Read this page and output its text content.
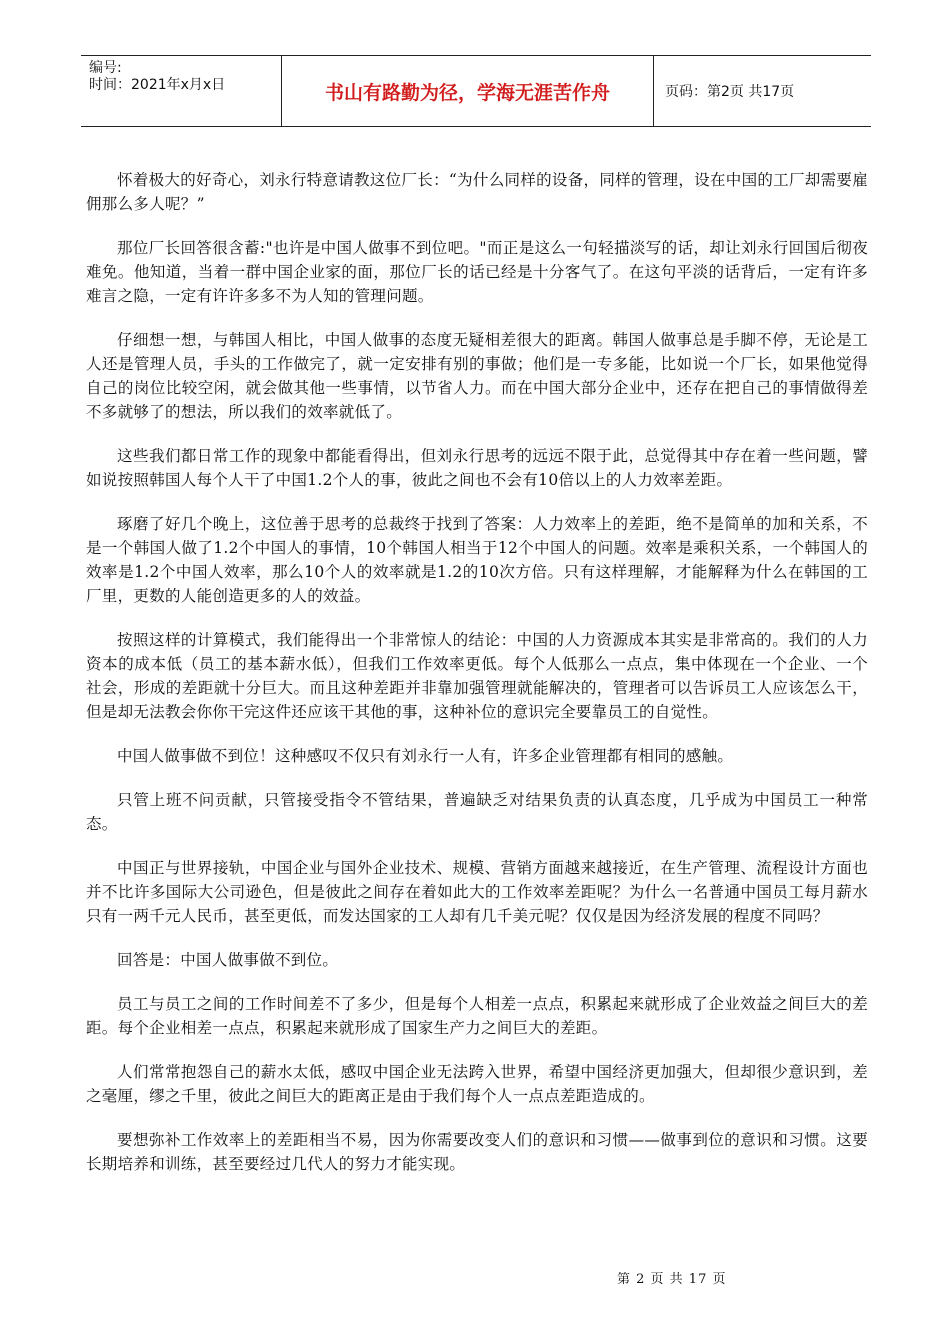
编号:
时间：2021年x月x日	书山有路勤为径，学海无涯苦作舟	页码：第2页 共17页

怀着极大的好奇心，刘永行特意请教这位厂长：“为什么同样的设备，同样的管理，设在中国的工厂却需要雇佣那么多人呢？”

那位厂长回答很含蓄:"也许是中国人做事不到位吧。"而正是这么一句轻描淡写的话，却让刘永行回国后彻夜难免。他知道，当着一群中国企业家的面，那位厂长的话已经是十分客气了。在这句平淡的话背后，一定有许多难言之隐，一定有许许多多不为人知的管理问题。

仔细想一想，与韩国人相比，中国人做事的态度无疑相差很大的距离。韩国人做事总是手脚不停，无论是工人还是管理人员，手头的工作做完了，就一定安排有别的事做；他们是一专多能，比如说一个厂长，如果他觉得自己的岗位比较空闲，就会做其他一些事情，以节省人力。而在中国大部分企业中，还存在把自己的事情做得差不多就够了的想法，所以我们的效率就低了。

这些我们都日常工作的现象中都能看得出，但刘永行思考的远远不限于此，总觉得其中存在着一些问题，譬如说按照韩国人每个人干了中国1.2个人的事，彼此之间也不会有10倍以上的人力效率差距。

琢磨了好几个晚上，这位善于思考的总裁终于找到了答案：人力效率上的差距，绝不是简单的加和关系，不是一个韩国人做了1.2个中国人的事情，10个韩国人相当于12个中国人的问题。效率是乘积关系，一个韩国人的效率是1.2个中国人效率，那么10个人的效率就是1.2的10次方倍。只有这样理解，才能解释为什么在韩国的工厂里，更数的人能创造更多的人的效益。

按照这样的计算模式，我们能得出一个非常惊人的结论：中国的人力资源成本其实是非常高的。我们的人力资本的成本低（员工的基本薪水低），但我们工作效率更低。每个人低那么一点点，集中体现在一个企业、一个社会，形成的差距就十分巨大。而且这种差距并非靠加强管理就能解决的，管理者可以告诉员工人应该怎么干，但是却无法教会你你干完这件还应该干其他的事，这种补位的意识完全要靠员工的自觉性。

中国人做事做不到位！这种感叹不仅只有刘永行一人有，许多企业管理都有相同的感触。

只管上班不问贡献，只管接受指令不管结果，普遍缺乏对结果负责的认真态度，几乎成为中国员工一种常态。

中国正与世界接轨，中国企业与国外企业技术、规模、营销方面越来越接近，在生产管理、流程设计方面也并不比许多国际大公司逊色，但是彼此之间存在着如此大的工作效率差距呢？为什么一名普通中国员工每月薪水只有一两千元人民币，甚至更低，而发达国家的工人却有几千美元呢？仅仅是因为经济发展的程度不同吗？

回答是：中国人做事做不到位。

员工与员工之间的工作时间差不了多少，但是每个人相差一点点，积累起来就形成了企业效益之间巨大的差距。每个企业相差一点点，积累起来就形成了国家生产力之间巨大的差距。

人们常常抱怨自己的薪水太低，感叹中国企业无法跨入世界，希望中国经济更加强大，但却很少意识到，差之毫厘，缪之千里，彼此之间巨大的距离正是由于我们每个人一点点差距造成的。

要想弥补工作效率上的差距相当不易，因为你需要改变人们的意识和习惯——做事到位的意识和习惯。这要长期培养和训练，甚至要经过几代人的努力才能实现。

第 2 页 共 17 页
